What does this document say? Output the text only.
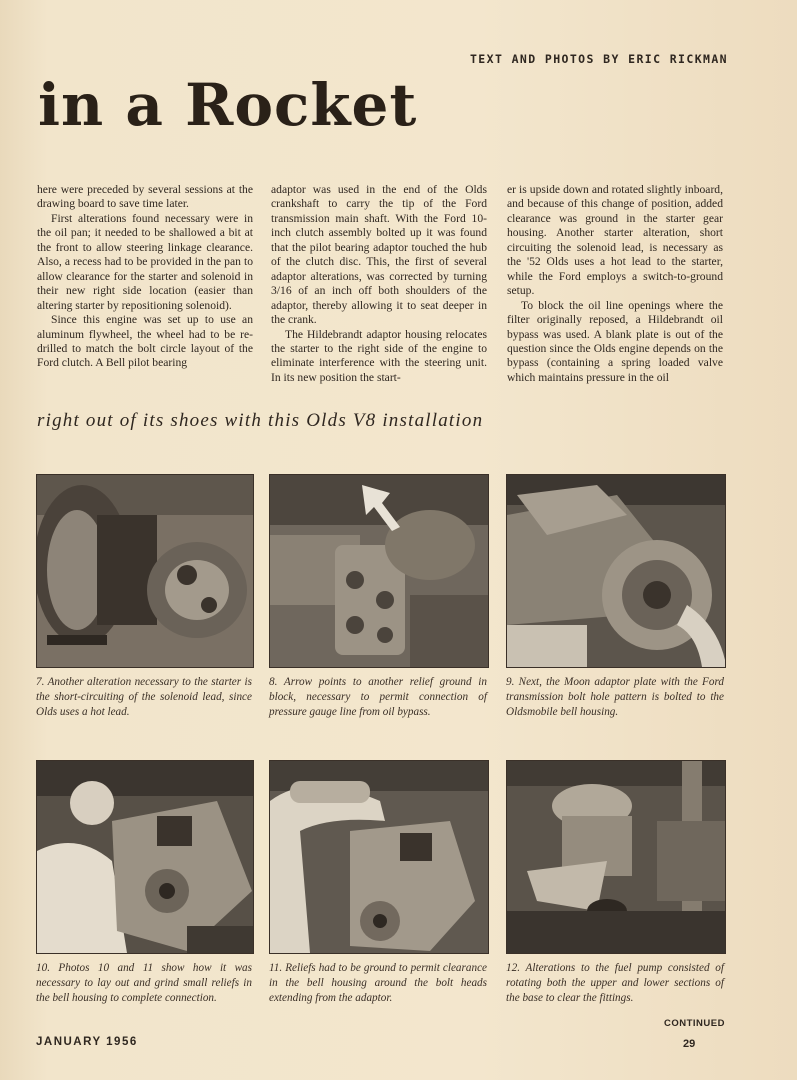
TEXT AND PHOTOS BY ERIC RICKMAN
in a Rocket

here were preceded by several sessions at the drawing board to save time later.

First alterations found necessary were in the oil pan; it needed to be shallowed a bit at the front to allow steering linkage clearance. Also, a recess had to be provided in the pan to allow clearance for the starter and solenoid in their new right side location (easier than altering starter by repositioning solenoid).

Since this engine was set up to use an aluminum flywheel, the wheel had to be re-drilled to match the bolt circle layout of the Ford clutch. A Bell pilot bearing

adaptor was used in the end of the Olds crankshaft to carry the tip of the Ford transmission main shaft. With the Ford 10-inch clutch assembly bolted up it was found that the pilot bearing adaptor touched the hub of the clutch disc. This, the first of several adaptor alterations, was corrected by turning 3/16 of an inch off both shoulders of the adaptor, thereby allowing it to seat deeper in the crank.

The Hildebrandt adaptor housing relocates the starter to the right side of the engine to eliminate interference with the steering unit. In its new position the start-

er is upside down and rotated slightly inboard, and because of this change of position, added clearance was ground in the starter gear housing. Another starter alteration, short circuiting the solenoid lead, is necessary as the '52 Olds uses a hot lead to the starter, while the Ford employs a switch-to-ground setup.

To block the oil line openings where the filter originally reposed, a Hildebrandt oil bypass was used. A blank plate is out of the question since the Olds engine depends on the bypass (containing a spring loaded valve which maintains pressure in the oil

right out of its shoes with this Olds V8 installation
7. Another alteration necessary to the starter is the short-circuiting of the solenoid lead, since Olds uses a hot lead.
8. Arrow points to another relief ground in block, necessary to permit connection of pressure gauge line from oil bypass.
9. Next, the Moon adaptor plate with the Ford transmission bolt hole pattern is bolted to the Oldsmobile bell housing.
10. Photos 10 and 11 show how it was necessary to lay out and grind small reliefs in the bell housing to complete connection.
11. Reliefs had to be ground to permit clearance in the bell housing around the bolt heads extending from the adaptor.
12. Alterations to the fuel pump consisted of rotating both the upper and lower sections of the base to clear the fittings.
CONTINUED
JANUARY 1956	29
